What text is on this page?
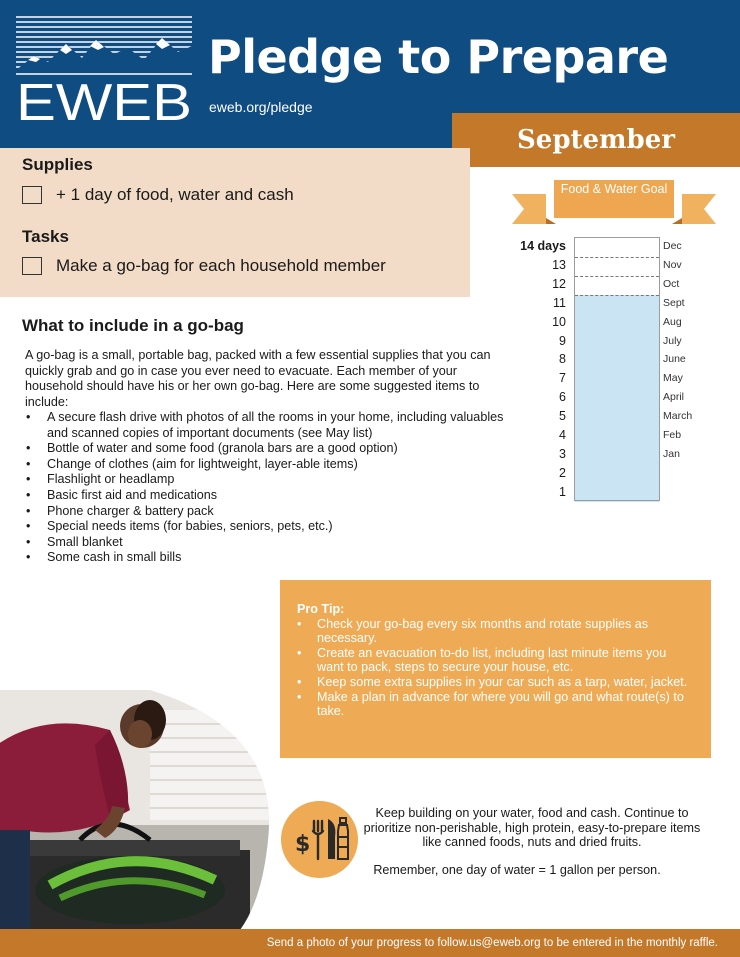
EWEB
Pledge to Prepare
eweb.org/pledge
September
Supplies
+ 1 day of food, water and cash
Tasks
Make a go-bag for each household member
What to include in a go-bag
A go-bag is a small, portable bag, packed with a few essential supplies that you can quickly grab and go in case you ever need to evacuate. Each member of your household should have his or her own go-bag. Here are some suggested items to include:
• A secure flash drive with photos of all the rooms in your home, including valuables and scanned copies of important documents (see May list)
• Bottle of water and some food (granola bars are a good option)
• Change of clothes (aim for lightweight, layer-able items)
• Flashlight or headlamp
• Basic first aid and medications
• Phone charger & battery pack
• Special needs items (for babies, seniors, pets, etc.)
• Small blanket
• Some cash in small bills
Food & Water Goal
14 days	Dec
13	Nov
12	Oct
11	Sept
10	Aug
9	July
8	June
7	May
6	April
5	March
4	Feb
3	Jan
2
1
Pro Tip:
• Check your go-bag every six months and rotate supplies as necessary.
• Create an evacuation to-do list, including last minute items you want to pack, steps to secure your house, etc.
• Keep some extra supplies in your car such as a tarp, water, jacket.
• Make a plan in advance for where you will go and what route(s) to take.
$
Keep building on your water, food and cash. Continue to prioritize non-perishable, high protein, easy-to-prepare items like canned foods, nuts and dried fruits.
Remember, one day of water = 1 gallon per person.
Send a photo of your progress to follow.us@eweb.org to be entered in the monthly raffle.
